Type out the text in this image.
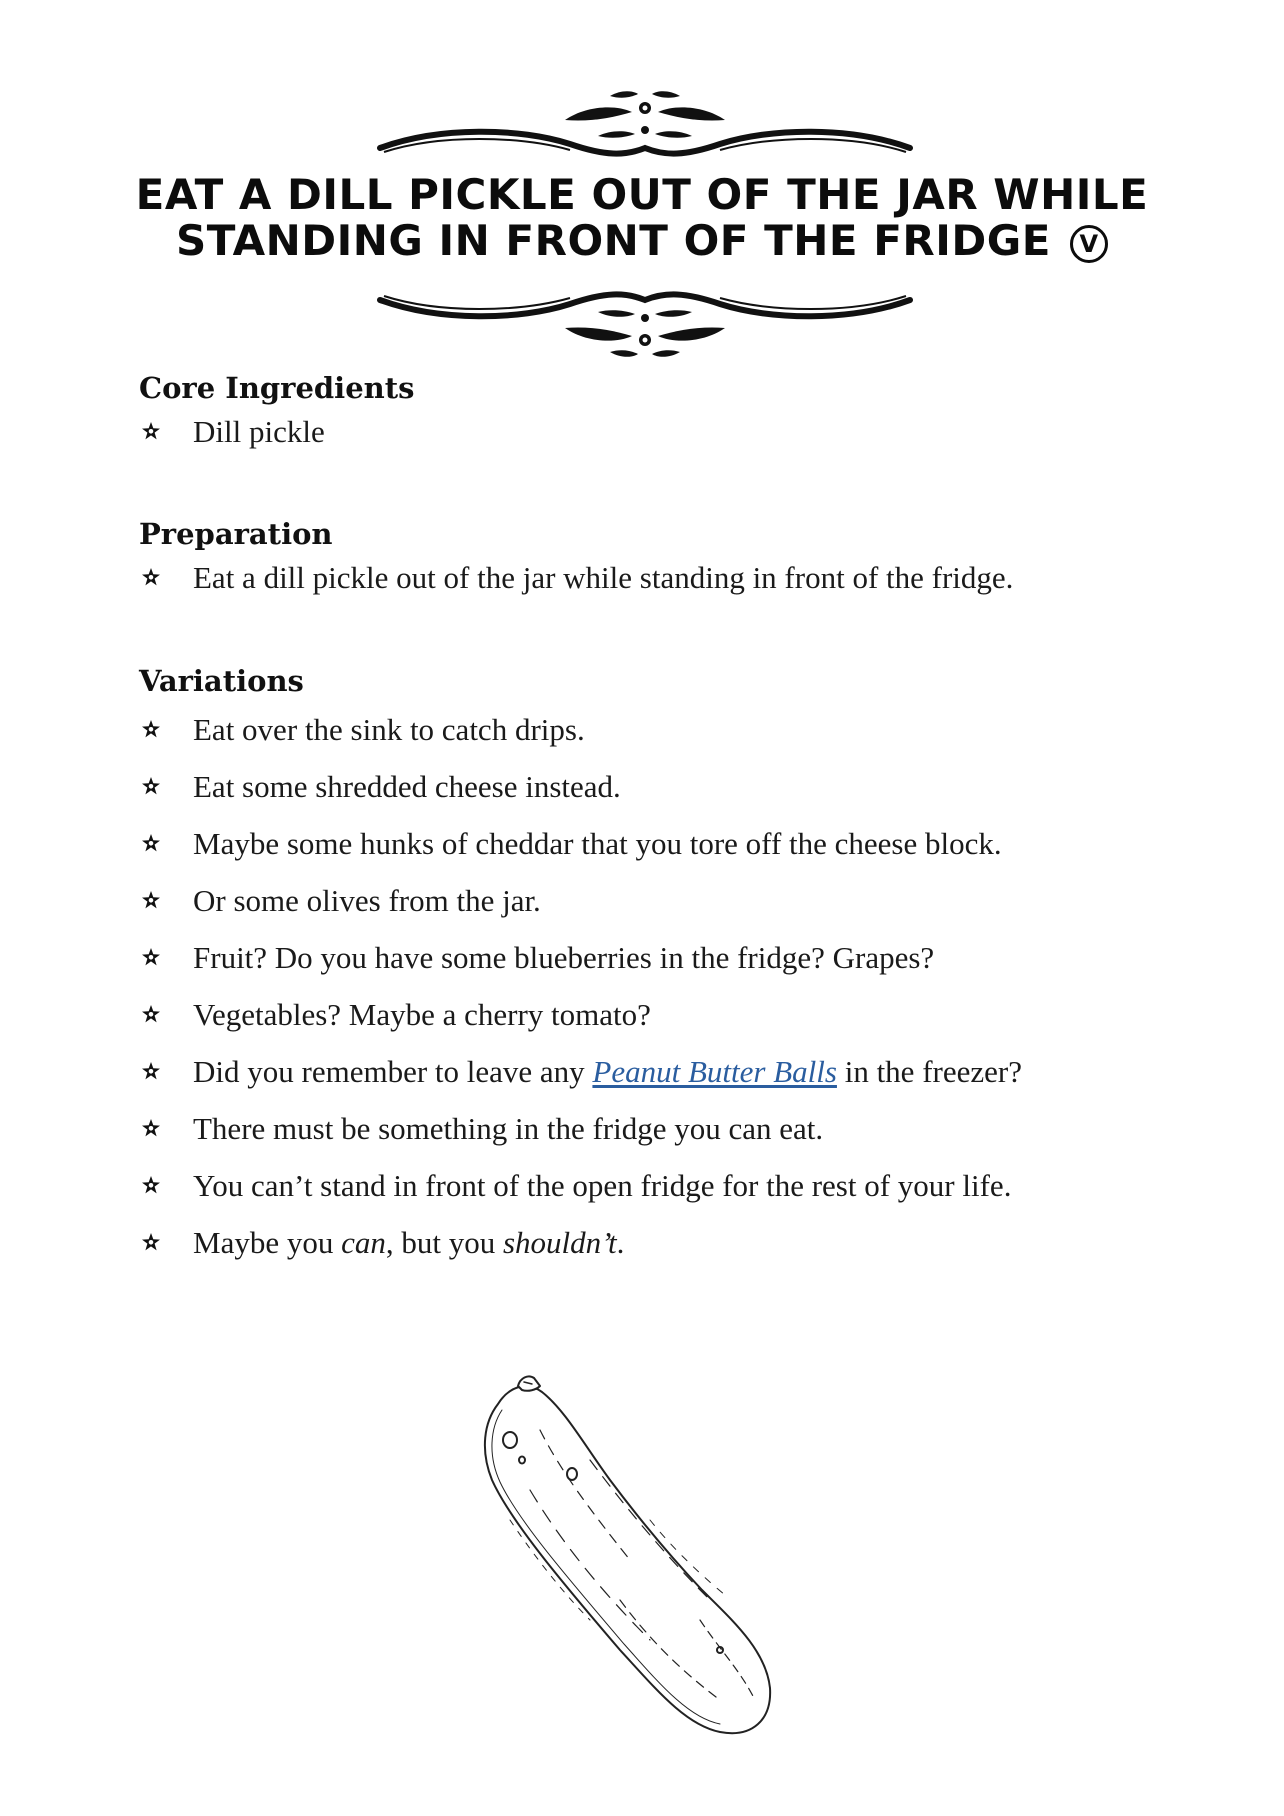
EAT A DILL PICKLE OUT OF THE JAR WHILE
STANDING IN FRONT OF THE FRIDGE V
Core Ingredients
Dill pickle
Preparation
Eat a dill pickle out of the jar while standing in front of the fridge.
Variations
Eat over the sink to catch drips.
Eat some shredded cheese instead.
Maybe some hunks of cheddar that you tore off the cheese block.
Or some olives from the jar.
Fruit? Do you have some blueberries in the fridge? Grapes?
Vegetables? Maybe a cherry tomato?
Did you remember to leave any Peanut Butter Balls in the freezer?
There must be something in the fridge you can eat.
You can’t stand in front of the open fridge for the rest of your life.
Maybe you can, but you shouldn’t.
